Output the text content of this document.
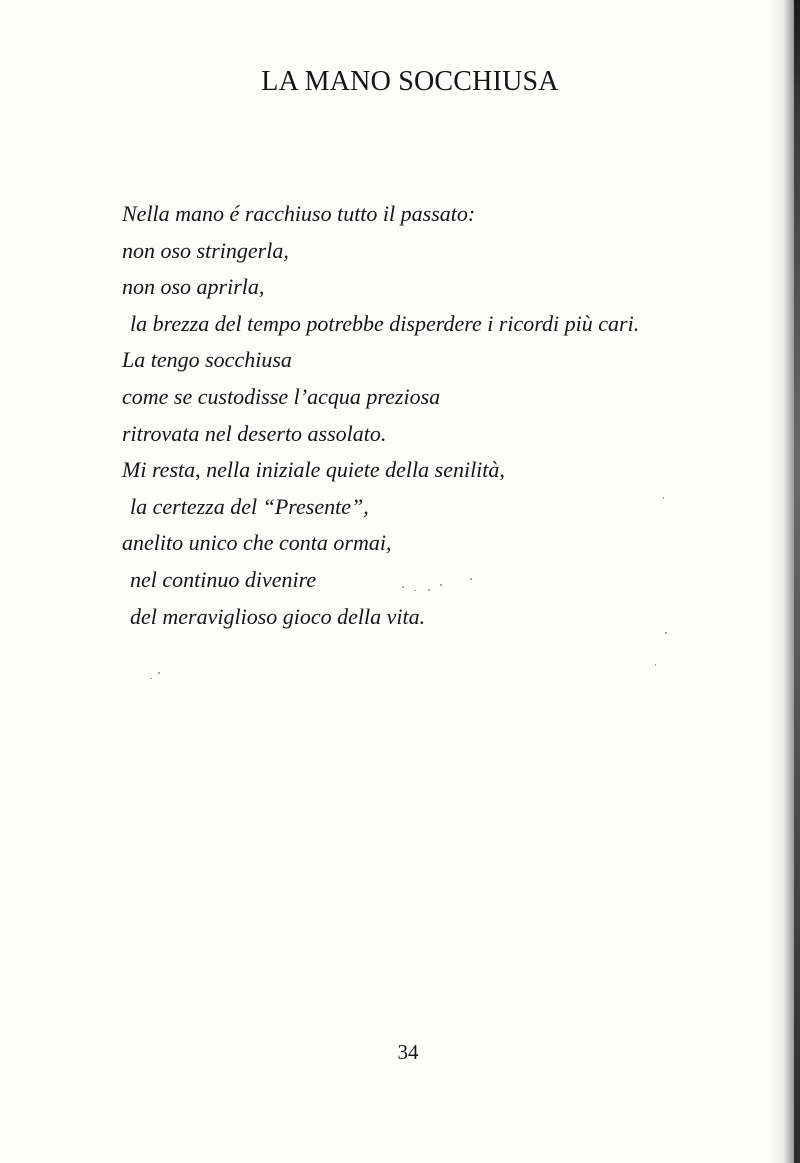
LA MANO SOCCHIUSA
Nella mano é racchiuso tutto il passato:
non oso stringerla,
non oso aprirla,
la brezza del tempo potrebbe disperdere i ricordi più cari.
La tengo socchiusa
come se custodisse l’acqua preziosa
ritrovata nel deserto assolato.
Mi resta, nella iniziale quiete della senilità,
la certezza del “Presente”,
anelito unico che conta ormai,
nel continuo divenire
del meraviglioso gioco della vita.
34
